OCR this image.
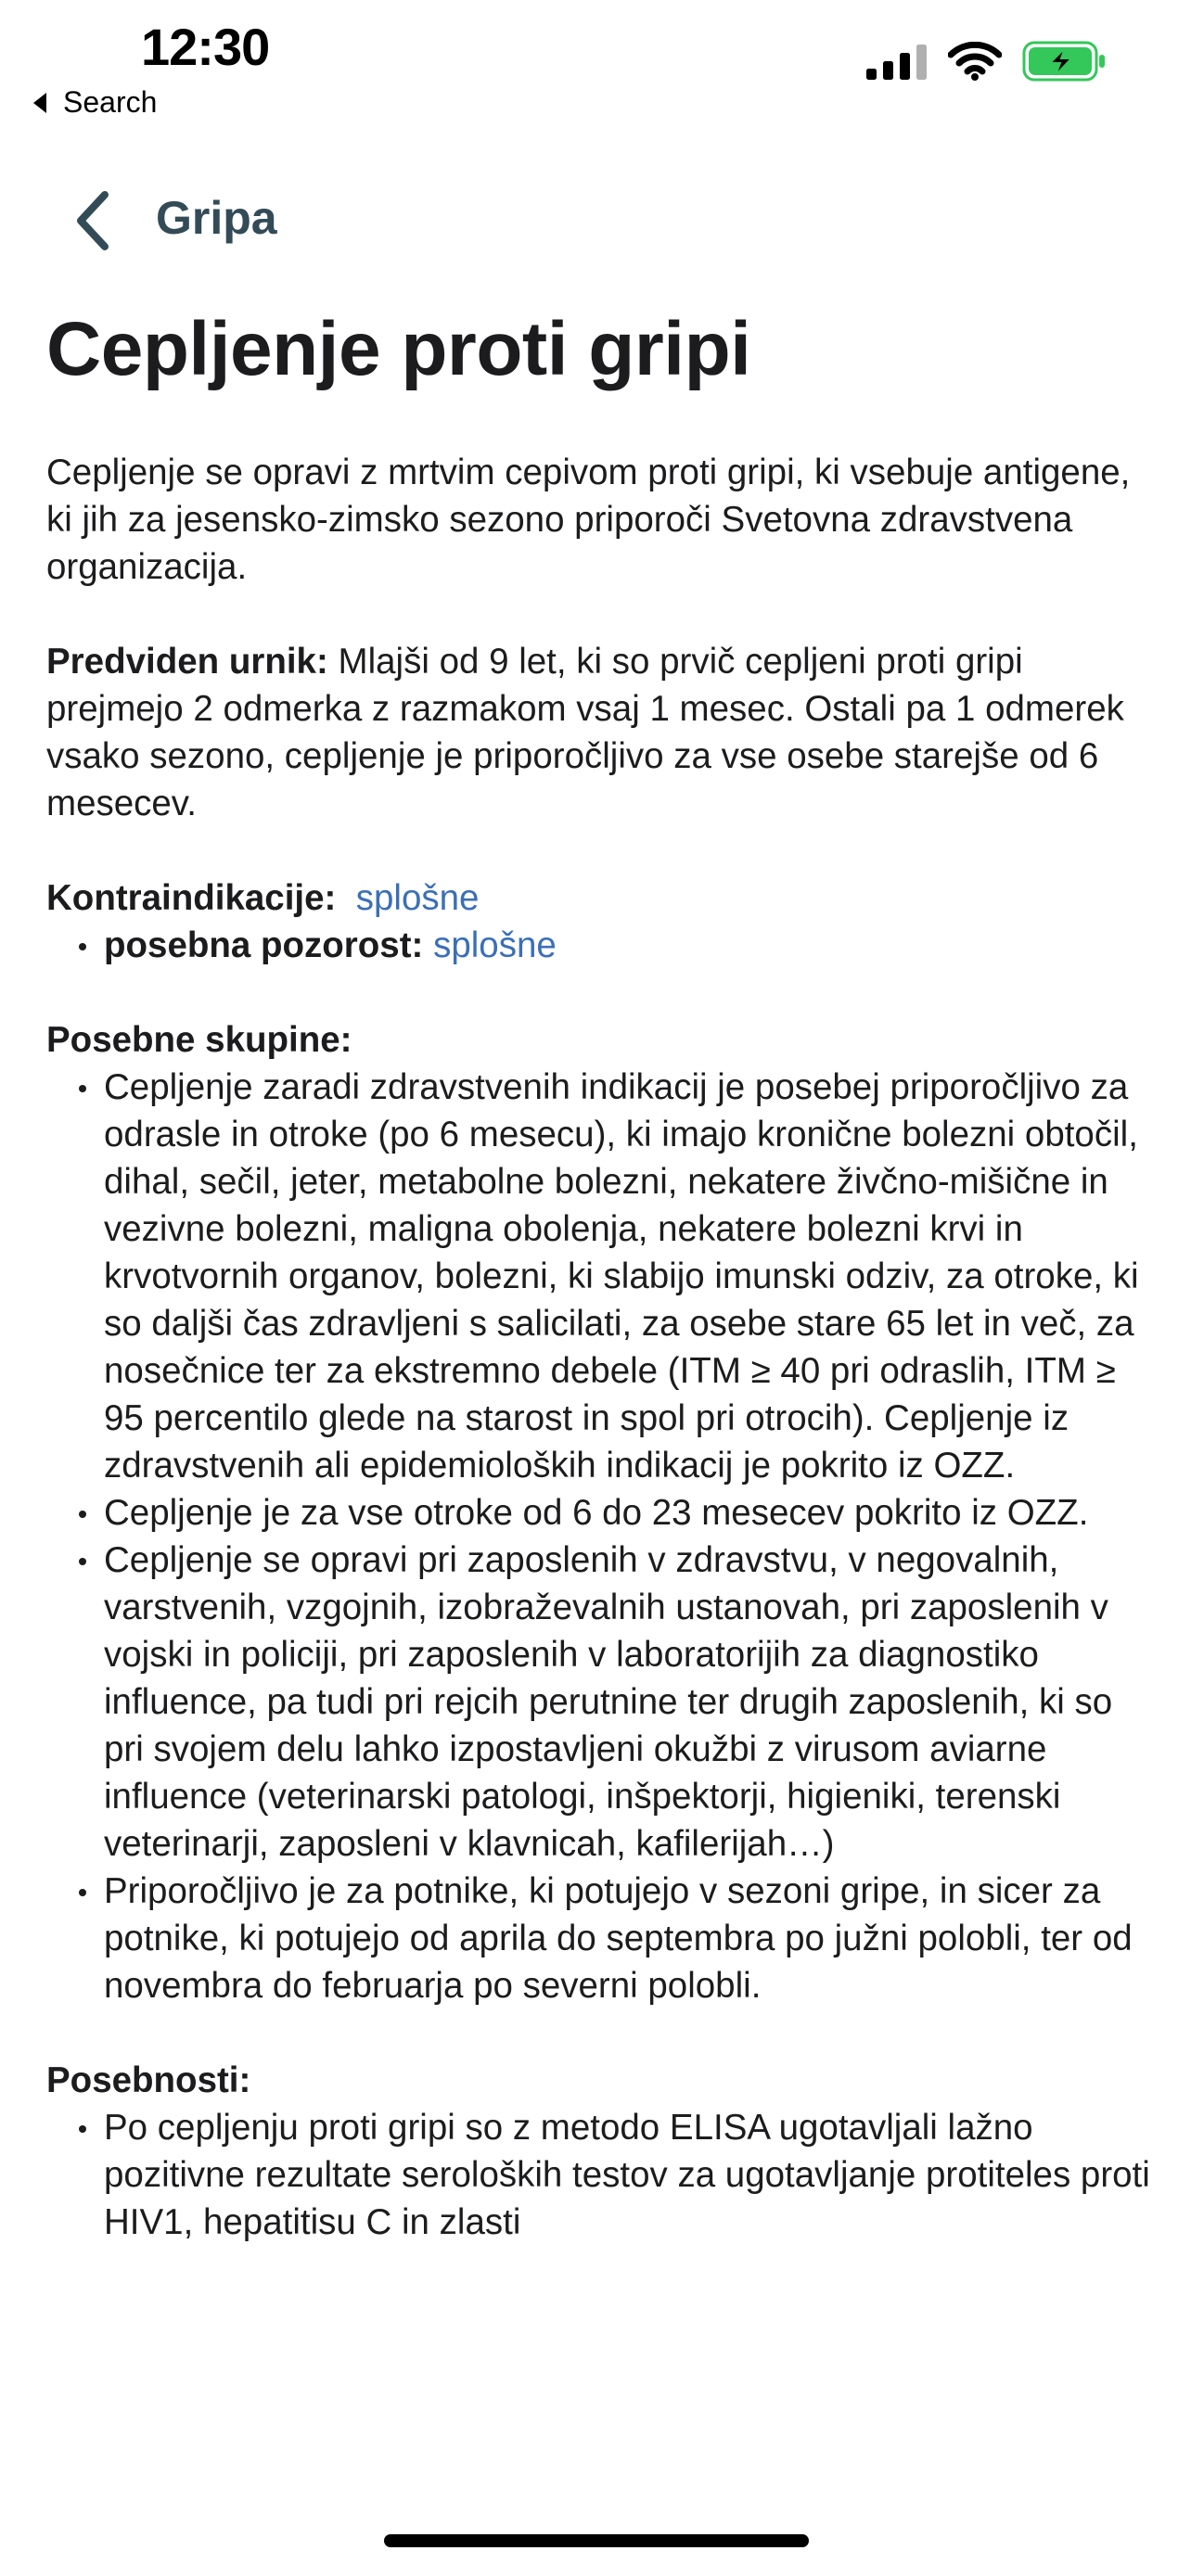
12:30
Search
Gripa
Cepljenje proti gripi

Cepljenje se opravi z mrtvim cepivom proti gripi, ki vsebuje antigene, ki jih za jesensko-zimsko sezono priporoči Svetovna zdravstvena organizacija.

Predviden urnik: Mlajši od 9 let, ki so prvič cepljeni proti gripi prejmejo 2 odmerka z razmakom vsaj 1 mesec. Ostali pa 1 odmerek vsako sezono, cepljenje je priporočljivo za vse osebe starejše od 6 mesecev.

Kontraindikacije: splošne

posebna pozorost: splošne

Posebne skupine:

Cepljenje zaradi zdravstvenih indikacij je posebej priporočljivo za odrasle in otroke (po 6 mesecu), ki imajo kronične bolezni obtočil, dihal, sečil, jeter, metabolne bolezni, nekatere živčno-mišične in vezivne bolezni, maligna obolenja, nekatere bolezni krvi in krvotvornih organov, bolezni, ki slabijo imunski odziv, za otroke, ki so daljši čas zdravljeni s salicilati, za osebe stare 65 let in več, za nosečnice ter za ekstremno debele (ITM ≥ 40 pri odraslih, ITM ≥ 95 percentilo glede na starost in spol pri otrocih). Cepljenje iz zdravstvenih ali epidemioloških indikacij je pokrito iz OZZ.
Cepljenje je za vse otroke od 6 do 23 mesecev pokrito iz OZZ.
Cepljenje se opravi pri zaposlenih v zdravstvu, v negovalnih, varstvenih, vzgojnih, izobraževalnih ustanovah, pri zaposlenih v vojski in policiji, pri zaposlenih v laboratorijih za diagnostiko influence, pa tudi pri rejcih perutnine ter drugih zaposlenih, ki so pri svojem delu lahko izpostavljeni okužbi z virusom aviarne influence (veterinarski patologi, inšpektorji, higieniki, terenski veterinarji, zaposleni v klavnicah, kafilerijah…)
Priporočljivo je za potnike, ki potujejo v sezoni gripe, in sicer za potnike, ki potujejo od aprila do septembra po južni polobli, ter od novembra do februarja po severni polobli.

Posebnosti:

Po cepljenju proti gripi so z metodo ELISA ugotavljali lažno pozitivne rezultate seroloških testov za ugotavljanje protiteles proti HIV1, hepatitisu C in zlasti
